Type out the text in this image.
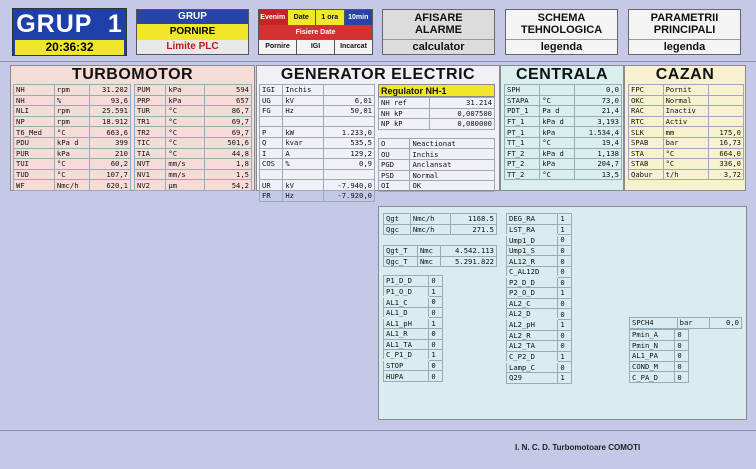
GRUP  1
20:36:32
GRUP
PORNIRE
Limite PLC
Evenim	Date	1 ora	10min
Fisiere Date
Pornire	IGI	Incarcat
AFISARE
ALARME
calculator
SCHEMA
TEHNOLOGICA
legenda
PARAMETRII
PRINCIPALI
legenda
TURBOMOTOR
NH	rpm	31.202
NH	%	93,6
NLI	rpm	25.591
NP	rpm	18.912
T6_Med	°C	663,6
PDU	kPa d	399
PUR	kPa	210
TUI	°C	60,2
TUD	°C	107,7
WF	Nmc/h	620,1
PUM	kPa	594
PRP	kPa	657
TUR	°C	86,7
TR1	°C	69,7
TR2	°C	69,7
TIC	°C	501,6
TIA	°C	44,8
NVT	mm/s	1,8
NV1	mm/s	1,5
NV2	µm	54,2
GENERATOR ELECTRIC
IGI	Inchis	
UG	kV	6,01
FG	Hz	50,01

P	kW	1.233,0
Q	kvar	535,5
I	A	129,2
COS	%	0,9

UR	kV	-7.940,0
FR	Hz	-7.920,0
Regulator NH-1
NH ref	31.214
NH kP	0,007500
NP kP	0,080000
O	Neactionat
OU	Inchis
PGD	Anclansat
PSD	Normal
OI	OK
CENTRALA
SPH		0,0
STAPA	°C	73,0
PDT_1	Pa d	21,4
FT_1	kPa d	3,193
PT_1	kPa	1.534,4
TT_1	°C	19,4
FT_2	kPa d	1,138
PT_2	kPa	204,7
TT_2	°C	13,5
CAZAN
FPC	Pornit	
OKC	Normal	
RAC	Inactiv	
RTC	Activ	
SLK	mm	175,0
SPAB	bar	16,73
STA	°C	664,0
STAB	°C	336,0
Qabur	t/h	3,72
Qgt	Nmc/h	1168.5
Qgc	Nmc/h	271.5
Qgt_T	Nmc	4.542.113
Qgc_T	Nmc	5.291.822
P1_D_D	0
P1_O_D	1
AL1_C	0
AL1_D	0
AL1_pH	1
AL1_R	0
AL1_TA	0
C_P1_D	1
STOP	0
HUPA	0
DEG_RA	1
LST_RA	1
Ump1_D	0
Ump1_S	0
AL12_R	0
C_AL12D	0
P2_D_D	0
P2_O_D	1
AL2_C	0
AL2_D	0
AL2_pH	1
AL2_R	0
AL2_TA	0
C_P2_D	1
Lamp_C	0
Q29	1
SPCH4	bar	0,0
Pmin_A	0
Pmin_N	0
AL1_PA	0
COND_M	0
C_PA_D	0
I. N. C. D. Turbomotoare COMOTI
